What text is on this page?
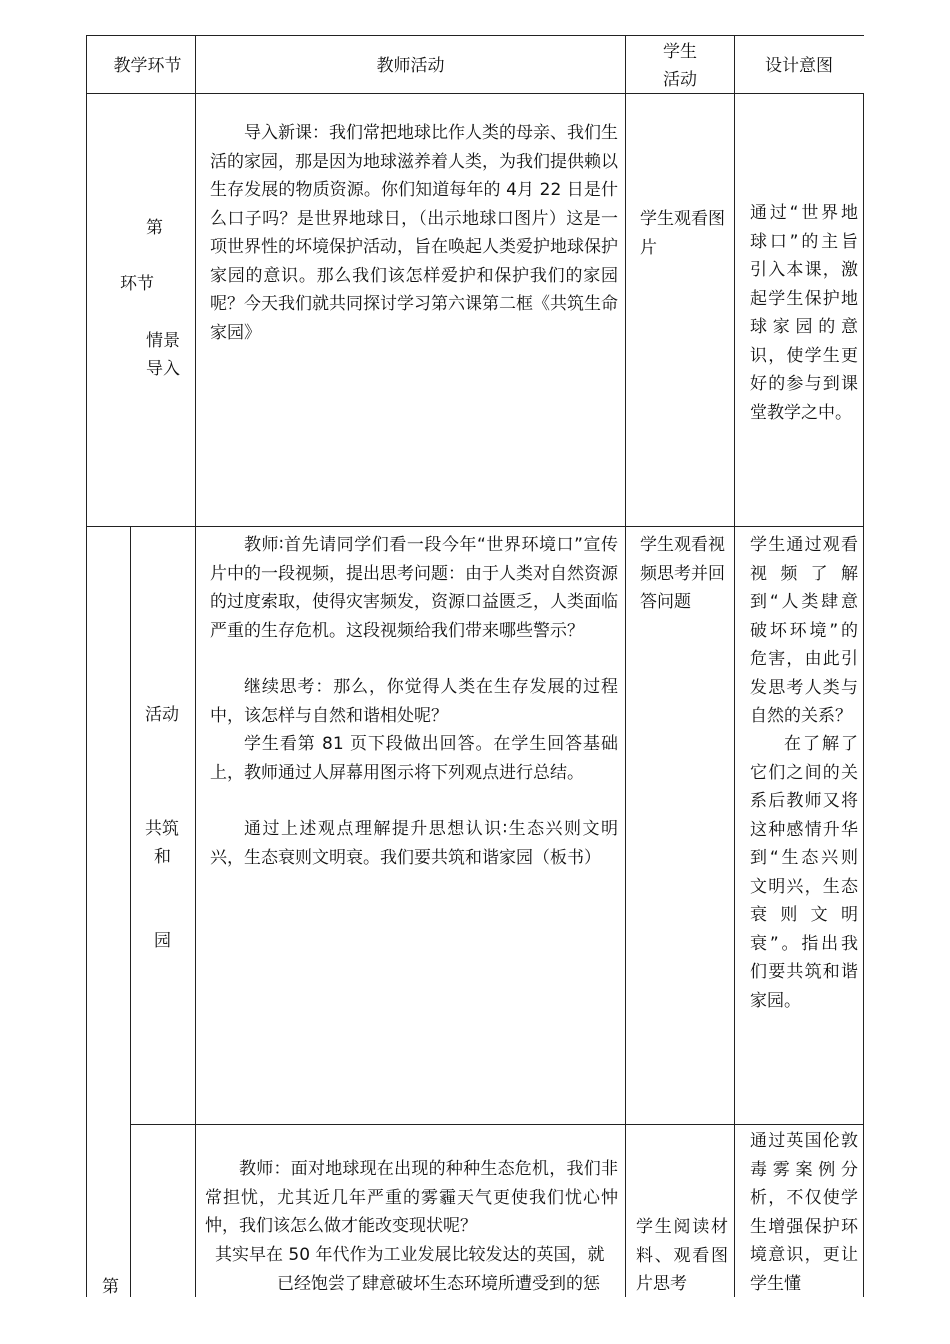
教学环节	教师活动
学生
活动
设计意图
第
环节
情景
导入
导入新课：我们常把地球比作人类的母亲、我们生活的家园，那是因为地球滋养着人类，为我们提供赖以生存发展的物质资源。你们知道每年的 4月 22 日是什么口子吗？是世界地球日，（出示地球口图片）这是一项世界性的坏境保护活动，旨在唤起人类爱护地球保护家园的意识。那么我们该怎样爱护和保护我们的家园呢？今天我们就共同探讨学习第六课第二框《共筑生命家园》
学生观看图片
通过“世界地球口”的主旨引入本课，激起学生保护地球家园的意识，使学生更好的参与到课堂教学之中。
活动
共筑
和
园
教师∶首先请同学们看一段今年“世界环境口”宣传片中的一段视频，提出思考问题：由于人类对自然资源的过度索取，使得灾害频发，资源口益匮乏，人类面临严重的生存危机。这段视频给我们带来哪些警示？
继续思考：那么，你觉得人类在生存发展的过程中，该怎样与自然和谐相处呢？
学生看第 81 页下段做出回答。在学生回答基础上，教师通过人屏幕用图示将下列观点进行总结。
通过上述观点理解提升思想认识∶生态兴则文明兴，生态衰则文明衰。我们要共筑和谐家园（板书）
学生观看视频思考并回答问题
学生通过观看视频了解到“人类肆意破坏环境”的危害，由此引发思考人类与自然的关系？
在了解了它们之间的关系后教师又将这种感情升华到“生态兴则文明兴，生态衰则文明衰”。指出我们要共筑和谐家园。
第
教师：面对地球现在出现的种种生态危机，我们非常担忧，尤其近几年严重的雾霾天气更使我们忧心忡忡，我们该怎么做才能改变现状呢？
其实早在 50 年代作为工业发展比较发达的英国，就
已经饱尝了肆意破坏生态环境所遭受到的惩
学生阅读材料、观看图片思考
通过英国伦敦毒雾案例分析，不仅使学生增强保护环境意识，更让学生懂
